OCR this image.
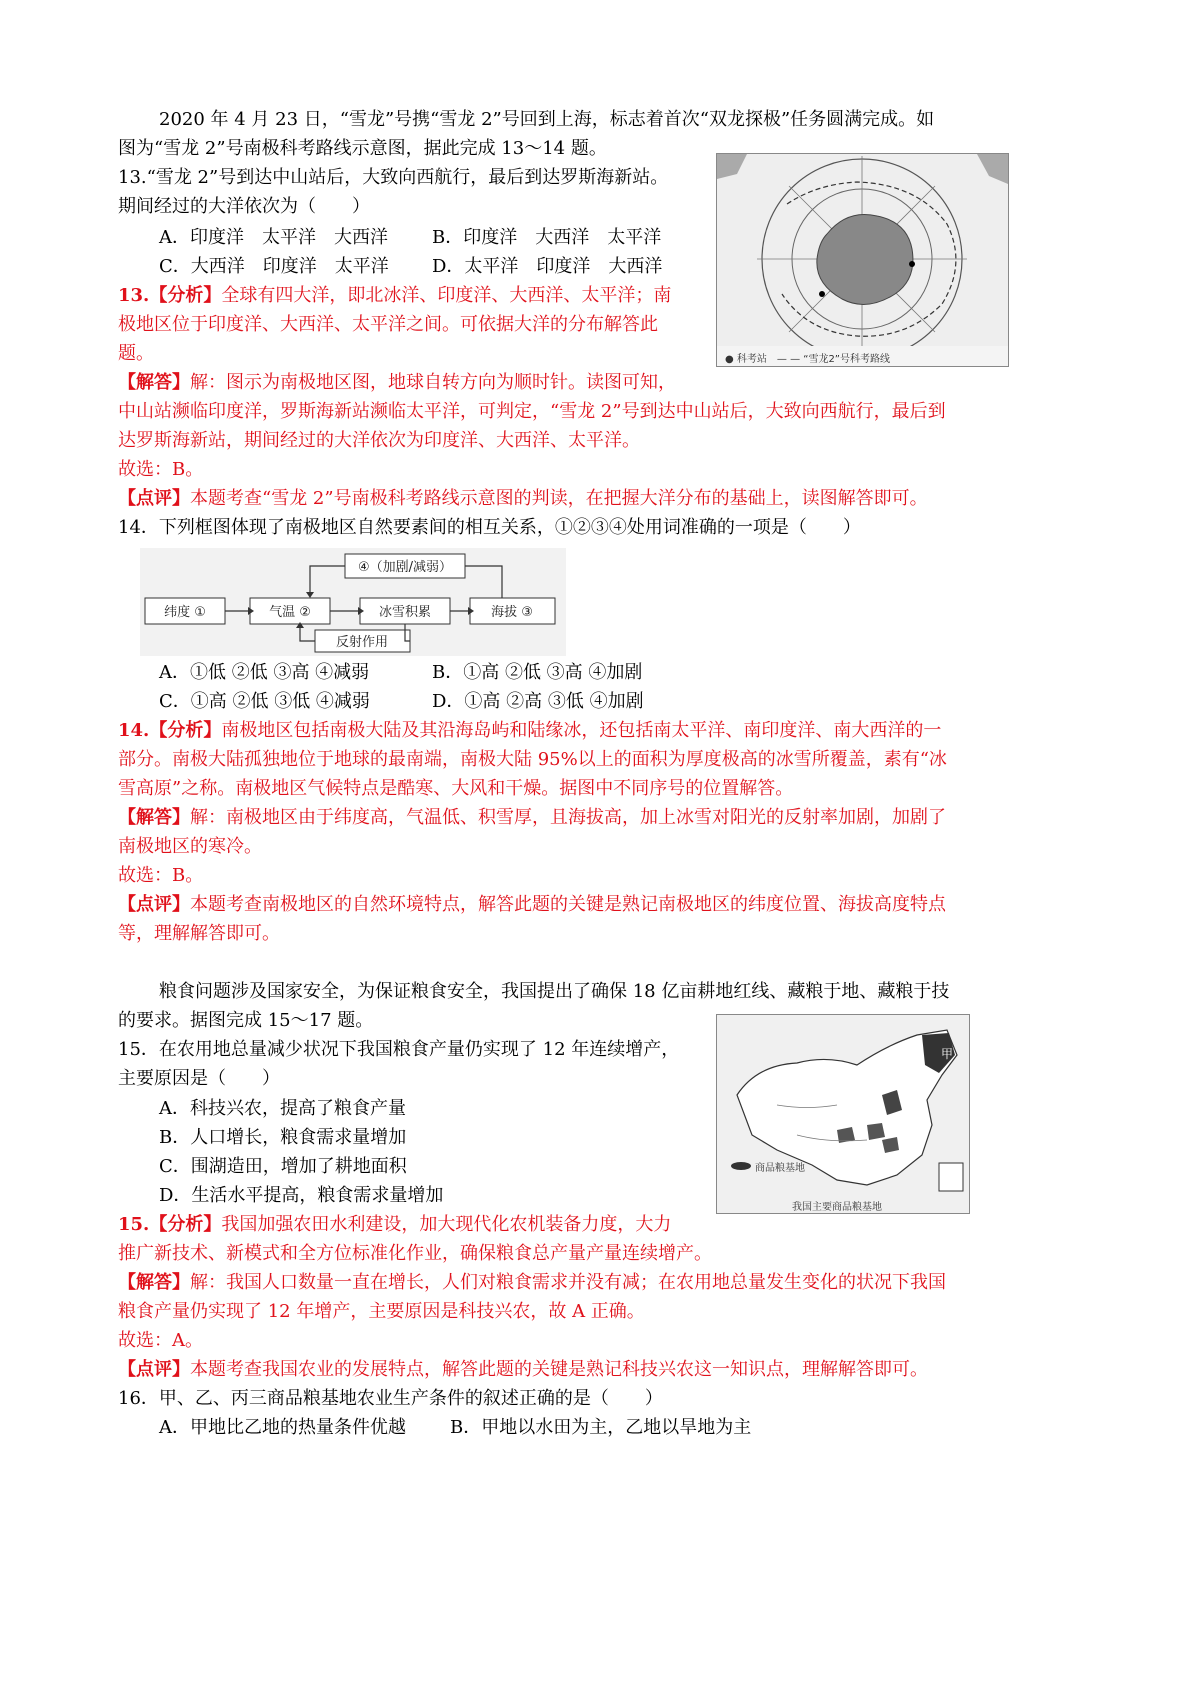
2020 年 4 月 23 日，“雪龙”号携“雪龙 2”号回到上海，标志着首次“双龙探极”任务圆满完成。如
图为“雪龙 2”号南极科考路线示意图，据此完成 13～14 题。
● 科考站　— — “雪龙2”号科考路线
13.“雪龙 2”号到达中山站后，大致向西航行，最后到达罗斯海新站。
期间经过的大洋依次为（　　）
A．印度洋　太平洋　大西洋 B．印度洋　大西洋　太平洋
C．大西洋　印度洋　太平洋 D．太平洋　印度洋　大西洋
13.【分析】全球有四大洋，即北冰洋、印度洋、大西洋、太平洋；南
极地区位于印度洋、大西洋、太平洋之间。可依据大洋的分布解答此
题。
【解答】解：图示为南极地区图，地球自转方向为顺时针。读图可知，
中山站濒临印度洋，罗斯海新站濒临太平洋，可判定，“雪龙 2”号到达中山站后，大致向西航行，最后到
达罗斯海新站，期间经过的大洋依次为印度洋、大西洋、太平洋。
故选：B。
【点评】本题考查“雪龙 2”号南极科考路线示意图的判读，在把握大洋分布的基础上，读图解答即可。
14．下列框图体现了南极地区自然要素间的相互关系，①②③④处用词准确的一项是（　　）
④（加剧/减弱）
纬度 ①	气温 ②	冰雪积累	海拔 ③
反射作用
A．①低 ②低 ③高 ④减弱	B．①高 ②低 ③高 ④加剧
C．①高 ②低 ③低 ④减弱	D．①高 ②高 ③低 ④加剧
14.【分析】南极地区包括南极大陆及其沿海岛屿和陆缘冰，还包括南太平洋、南印度洋、南大西洋的一
部分。南极大陆孤独地位于地球的最南端，南极大陆 95%以上的面积为厚度极高的冰雪所覆盖，素有“冰
雪高原”之称。南极地区气候特点是酷寒、大风和干燥。据图中不同序号的位置解答。
【解答】解：南极地区由于纬度高，气温低、积雪厚，且海拔高，加上冰雪对阳光的反射率加剧，加剧了
南极地区的寒冷。
故选：B。
【点评】本题考查南极地区的自然环境特点，解答此题的关键是熟记南极地区的纬度位置、海拔高度特点
等，理解解答即可。
粮食问题涉及国家安全，为保证粮食安全，我国提出了确保 18 亿亩耕地红线、藏粮于地、藏粮于技
的要求。据图完成 15～17 题。
甲
商品粮基地
我国主要商品粮基地
15．在农用地总量减少状况下我国粮食产量仍实现了 12 年连续增产，
主要原因是（　　）
A．科技兴农，提高了粮食产量
B．人口增长，粮食需求量增加
C．围湖造田，增加了耕地面积
D．生活水平提高，粮食需求量增加
15.【分析】我国加强农田水利建设，加大现代化农机装备力度，大力
推广新技术、新模式和全方位标准化作业，确保粮食总产量产量连续增产。
【解答】解：我国人口数量一直在增长，人们对粮食需求并没有减；在农用地总量发生变化的状况下我国
粮食产量仍实现了 12 年增产，主要原因是科技兴农，故 A 正确。
故选：A。
【点评】本题考查我国农业的发展特点，解答此题的关键是熟记科技兴农这一知识点，理解解答即可。
16．甲、乙、丙三商品粮基地农业生产条件的叙述正确的是（　　）
A．甲地比乙地的热量条件优越 B．甲地以水田为主，乙地以旱地为主
